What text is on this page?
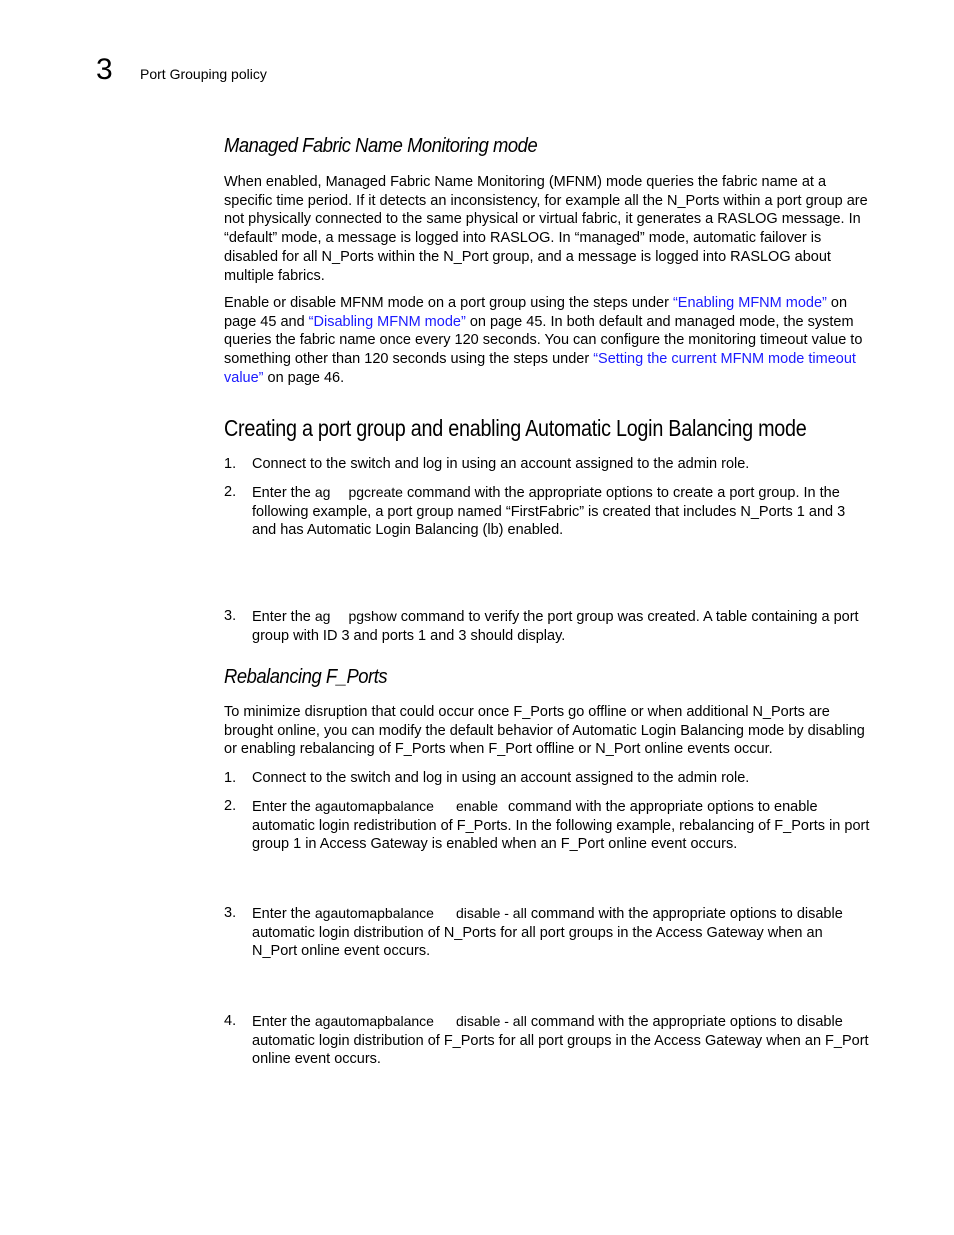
3 Port Grouping policy
Managed Fabric Name Monitoring mode

When enabled, Managed Fabric Name Monitoring (MFNM) mode queries the fabric name at a specific time period. If it detects an inconsistency, for example all the N_Ports within a port group are not physically connected to the same physical or virtual fabric, it generates a RASLOG message. In “default” mode, a message is logged into RASLOG. In “managed” mode, automatic failover is disabled for all N_Ports within the N_Port group, and a message is logged into RASLOG about multiple fabrics.

Enable or disable MFNM mode on a port group using the steps under “Enabling MFNM mode” on page 45 and “Disabling MFNM mode” on page 45. In both default and managed mode, the system queries the fabric name once every 120 seconds. You can configure the monitoring timeout value to something other than 120 seconds using the steps under “Setting the current MFNM mode timeout value” on page 46.

Creating a port group and enabling Automatic Login Balancing mode
1. Connect to the switch and log in using an account assigned to the admin role.
2. Enter the ag pgcreate command with the appropriate options to create a port group. In the following example, a port group named “FirstFabric” is created that includes N_Ports 1 and 3 and has Automatic Login Balancing (lb) enabled.
3. Enter the ag pgshow command to verify the port group was created. A table containing a port group with ID 3 and ports 1 and 3 should display.
Rebalancing F_Ports

To minimize disruption that could occur once F_Ports go offline or when additional N_Ports are brought online, you can modify the default behavior of Automatic Login Balancing mode by disabling or enabling rebalancing of F_Ports when F_Port offline or N_Port online events occur.

1. Connect to the switch and log in using an account assigned to the admin role.
2. Enter the agautomapbalance enable command with the appropriate options to enable automatic login redistribution of F_Ports. In the following example, rebalancing of F_Ports in port group 1 in Access Gateway is enabled when an F_Port online event occurs.
3. Enter the agautomapbalance disable - all command with the appropriate options to disable automatic login distribution of N_Ports for all port groups in the Access Gateway when an N_Port online event occurs.
4. Enter the agautomapbalance disable - all command with the appropriate options to disable automatic login distribution of F_Ports for all port groups in the Access Gateway when an F_Port online event occurs.
